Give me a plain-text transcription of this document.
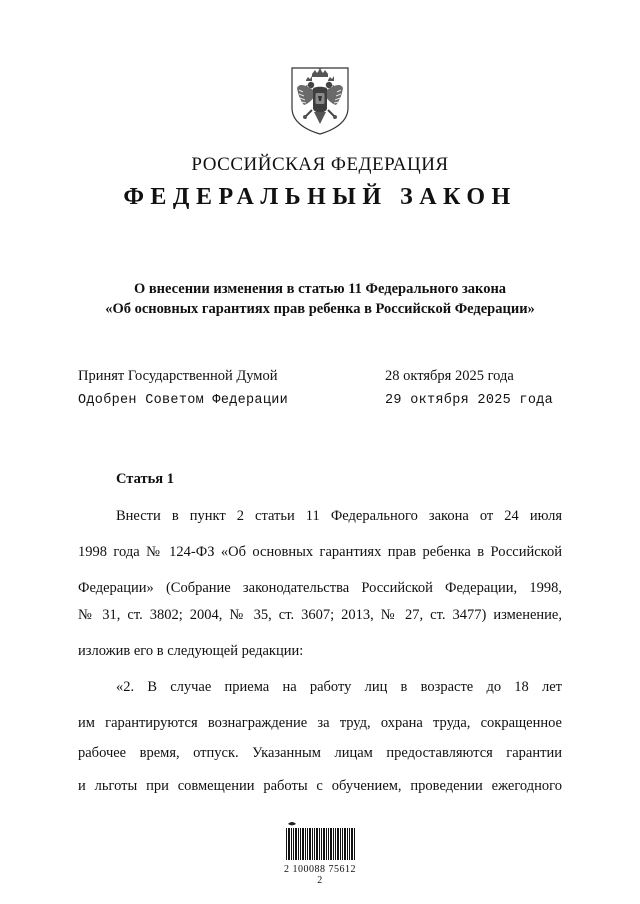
РОССИЙСКАЯ ФЕДЕРАЦИЯ
ФЕДЕРАЛЬНЫЙ ЗАКОН
О внесении изменения в статью 11 Федерального закона
«Об основных гарантиях прав ребенка в Российской Федерации»
Принят Государственной Думой	28 октября 2025 года
Одобрен Советом Федерации	29 октября 2025 года
Статья 1
Внести в пункт 2 статьи 11 Федерального закона от 24 июля
1998 года № 124-ФЗ «Об основных гарантиях прав ребенка в Российской
Федерации» (Собрание законодательства Российской Федерации, 1998,
№ 31, ст. 3802; 2004, № 35, ст. 3607; 2013, № 27, ст. 3477) изменение,
изложив его в следующей редакции:
«2. В случае приема на работу лиц в возрасте до 18 лет
им гарантируются вознаграждение за труд, охрана труда, сокращенное
рабочее время, отпуск. Указанным лицам предоставляются гарантии
и льготы при совмещении работы с обучением, проведении ежегодного
2 100088 75612 2
